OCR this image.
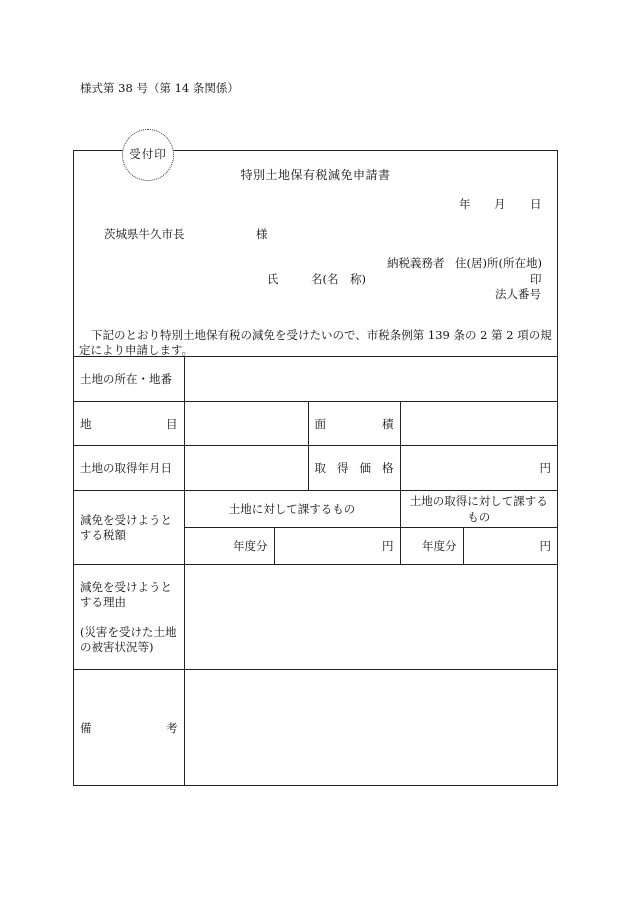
様式第 38 号（第 14 条関係）
受付印
特別土地保有税減免申請書
年 月 日
茨城県牛久市長	様
納税義務者 住(居)所(所在地)
氏	名(名　称)	印
法人番号
下記のとおり特別土地保有税の減免を受けたいので、市税条例第 139 条の 2 第 2 項の規定により申請します。
土地の所在・地番					

地 目			面 積		

土地の取得年月日			取 得 価 格	円	

減免を受けようと
する税額	土地に対して課するもの			土地の取得に対して課するもの	
	年度分	円		年度分	円

減免を受けようと
する理由
(災害を受けた土地
の被害状況等)					

備 考					
